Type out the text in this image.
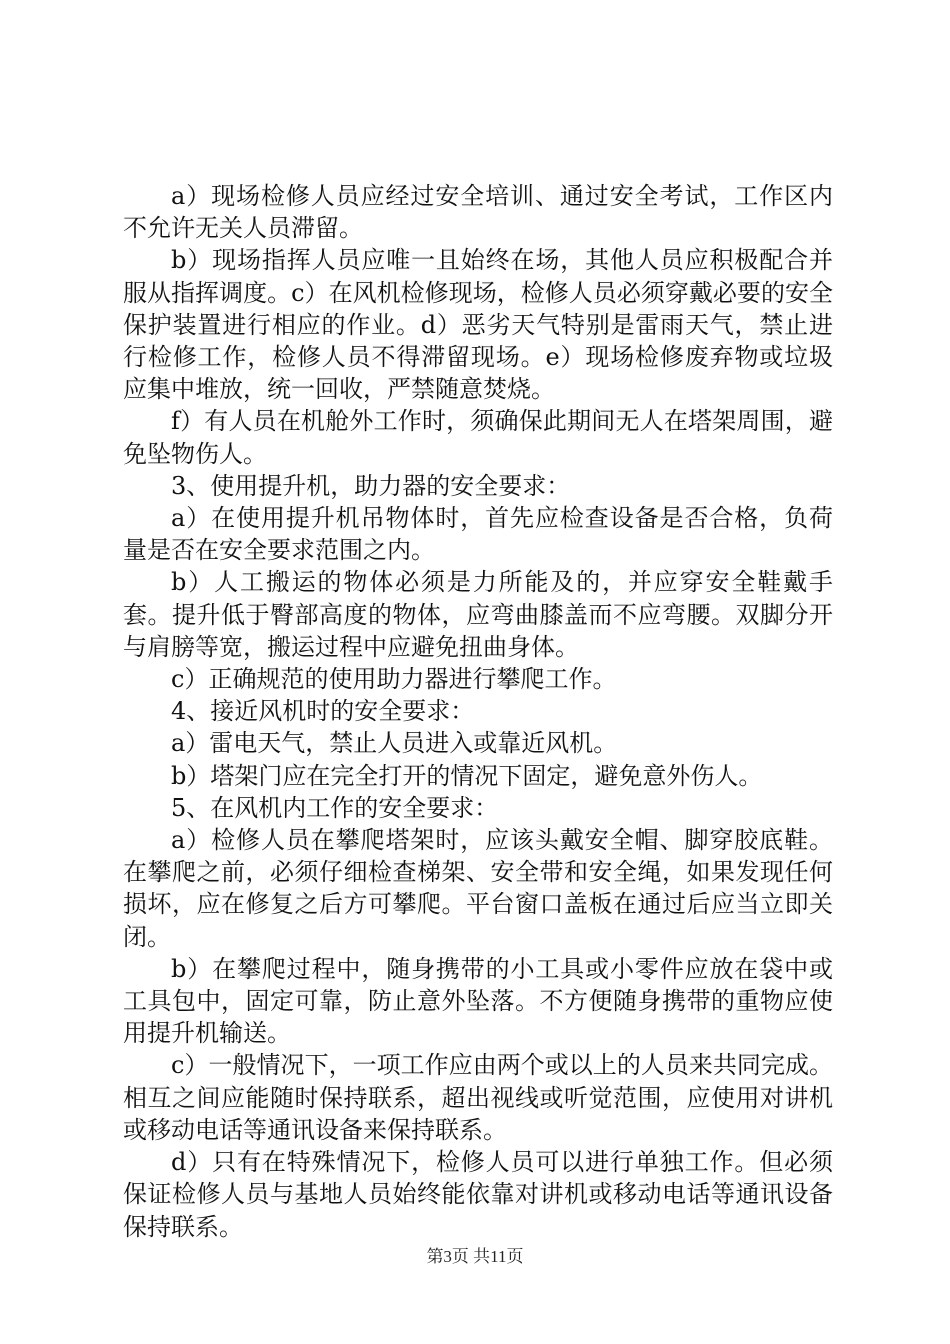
a）现场检修人员应经过安全培训、通过安全考试，工作区内不允许无关人员滞留。

b）现场指挥人员应唯一且始终在场，其他人员应积极配合并服从指挥调度。c）在风机检修现场，检修人员必须穿戴必要的安全保护装置进行相应的作业。d）恶劣天气特别是雷雨天气，禁止进行检修工作，检修人员不得滞留现场。e）现场检修废弃物或垃圾应集中堆放，统一回收，严禁随意焚烧。

f）有人员在机舱外工作时，须确保此期间无人在塔架周围，避免坠物伤人。

3、使用提升机，助力器的安全要求：

a）在使用提升机吊物体时，首先应检查设备是否合格，负荷量是否在安全要求范围之内。

b）人工搬运的物体必须是力所能及的，并应穿安全鞋戴手套。提升低于臀部高度的物体，应弯曲膝盖而不应弯腰。双脚分开与肩膀等宽，搬运过程中应避免扭曲身体。

c）正确规范的使用助力器进行攀爬工作。

4、接近风机时的安全要求：

a）雷电天气，禁止人员进入或靠近风机。

b）塔架门应在完全打开的情况下固定，避免意外伤人。

5、在风机内工作的安全要求：

a）检修人员在攀爬塔架时，应该头戴安全帽、脚穿胶底鞋。在攀爬之前，必须仔细检查梯架、安全带和安全绳，如果发现任何损坏，应在修复之后方可攀爬。平台窗口盖板在通过后应当立即关闭。

b）在攀爬过程中，随身携带的小工具或小零件应放在袋中或工具包中，固定可靠，防止意外坠落。不方便随身携带的重物应使用提升机输送。

c）一般情况下，一项工作应由两个或以上的人员来共同完成。相互之间应能随时保持联系，超出视线或听觉范围，应使用对讲机或移动电话等通讯设备来保持联系。

d）只有在特殊情况下，检修人员可以进行单独工作。但必须保证检修人员与基地人员始终能依靠对讲机或移动电话等通讯设备保持联系。

第3页 共11页
